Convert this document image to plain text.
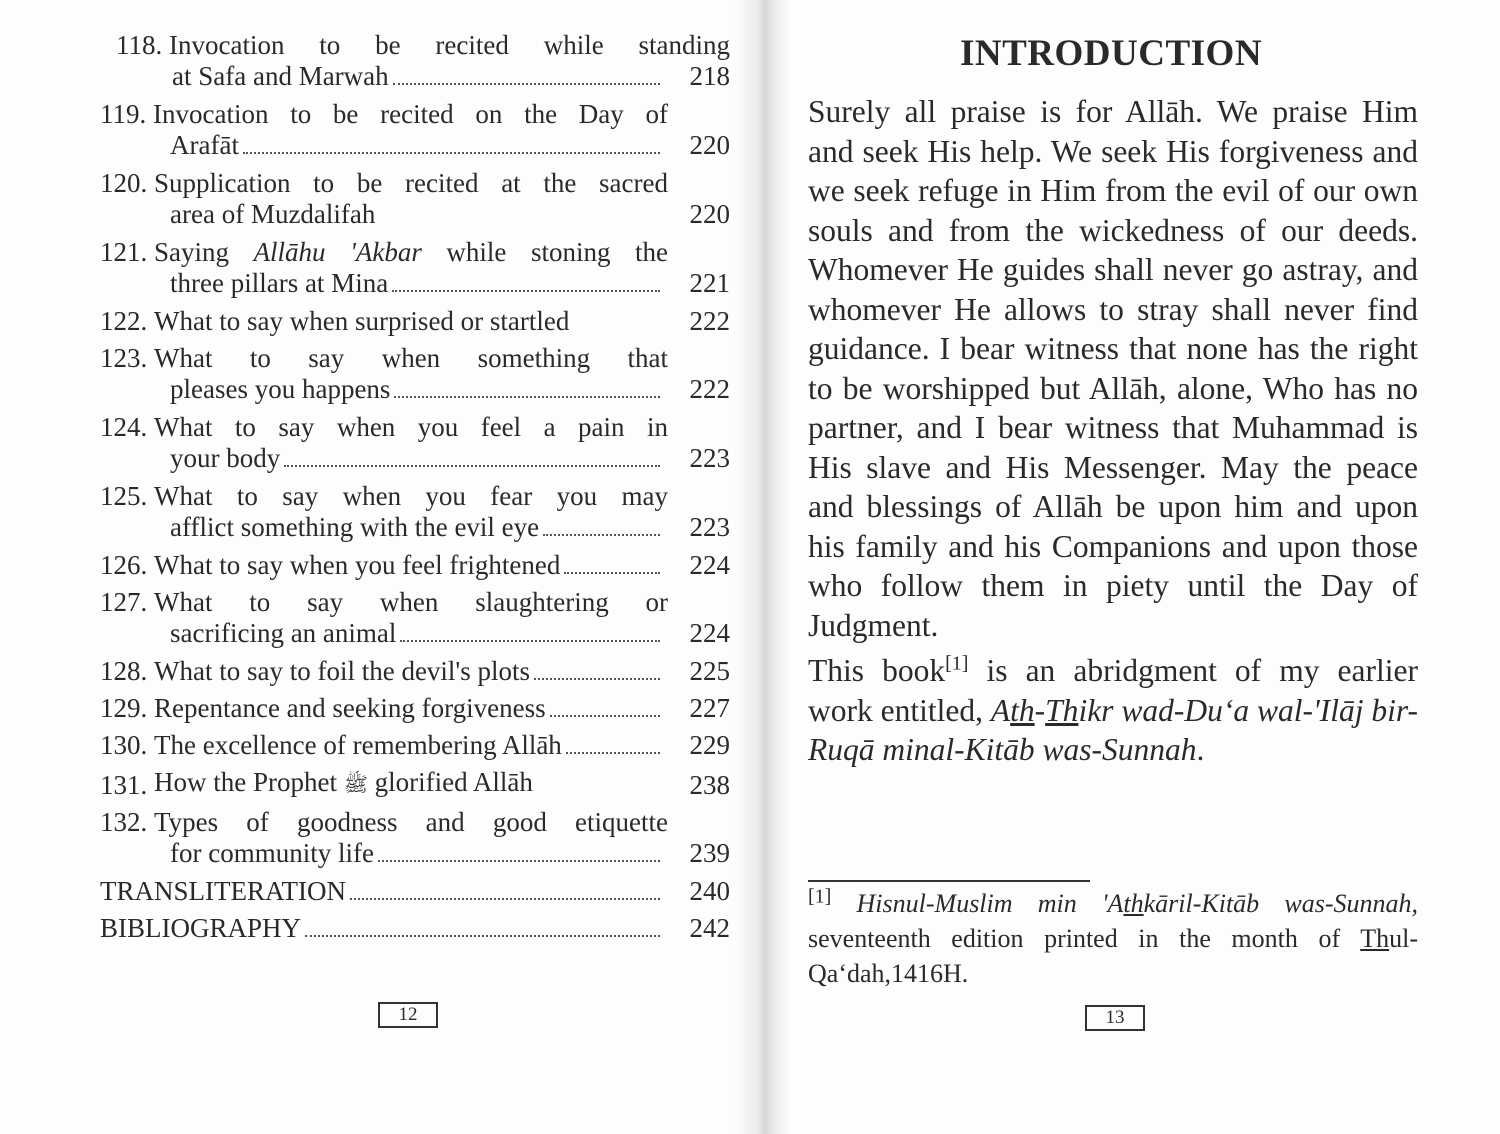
118.
Invocation to be recited while standing
at Safa and Marwah	218
119.
Invocation to be recited on the Day of
Arafāt	220
120.
Supplication to be recited at the sacred
area of Muzdalifah	220
121.
Saying Allāhu 'Akbar while stoning the
three pillars at Mina	221
122.
What to say when surprised or startled	222
123.
What to say when something that
pleases you happens	222
124.
What to say when you feel a pain in
your body	223
125.
What to say when you fear you may
afflict something with the evil eye	223
126.
What to say when you feel frightened	224
127.
What to say when slaughtering or
sacrificing an animal	224
128.
What to say to foil the devil's plots	225
129.
Repentance and seeking forgiveness	227
130.
The excellence of remembering Allāh	229
131.
How the Prophet ﷺ glorified Allāh	238
132.
Types of goodness and good etiquette
for community life	239
TRANSLITERATION	240
BIBLIOGRAPHY	242
12
INTRODUCTION

Surely all praise is for Allāh. We praise Him and seek His help. We seek His forgiveness and we seek refuge in Him from the evil of our own souls and from the wickedness of our deeds. Whomever He guides shall never go astray, and whomever He allows to stray shall never find guidance. I bear witness that none has the right to be worshipped but Allāh, alone, Who has no partner, and I bear witness that Muhammad is His slave and His Messenger. May the peace and blessings of Allāh be upon him and upon his family and his Companions and upon those who follow them in piety until the Day of Judgment.

This book[1] is an abridgment of my earlier work entitled, Ath-Thikr wad-Du‘a wal-'Ilāj bir-Ruqā minal-Kitāb was-Sunnah.

[1] Hisnul-Muslim min 'Athkāril-Kitāb was-Sunnah, seventeenth edition printed in the month of Thul-Qa‘dah,1416H.
13
